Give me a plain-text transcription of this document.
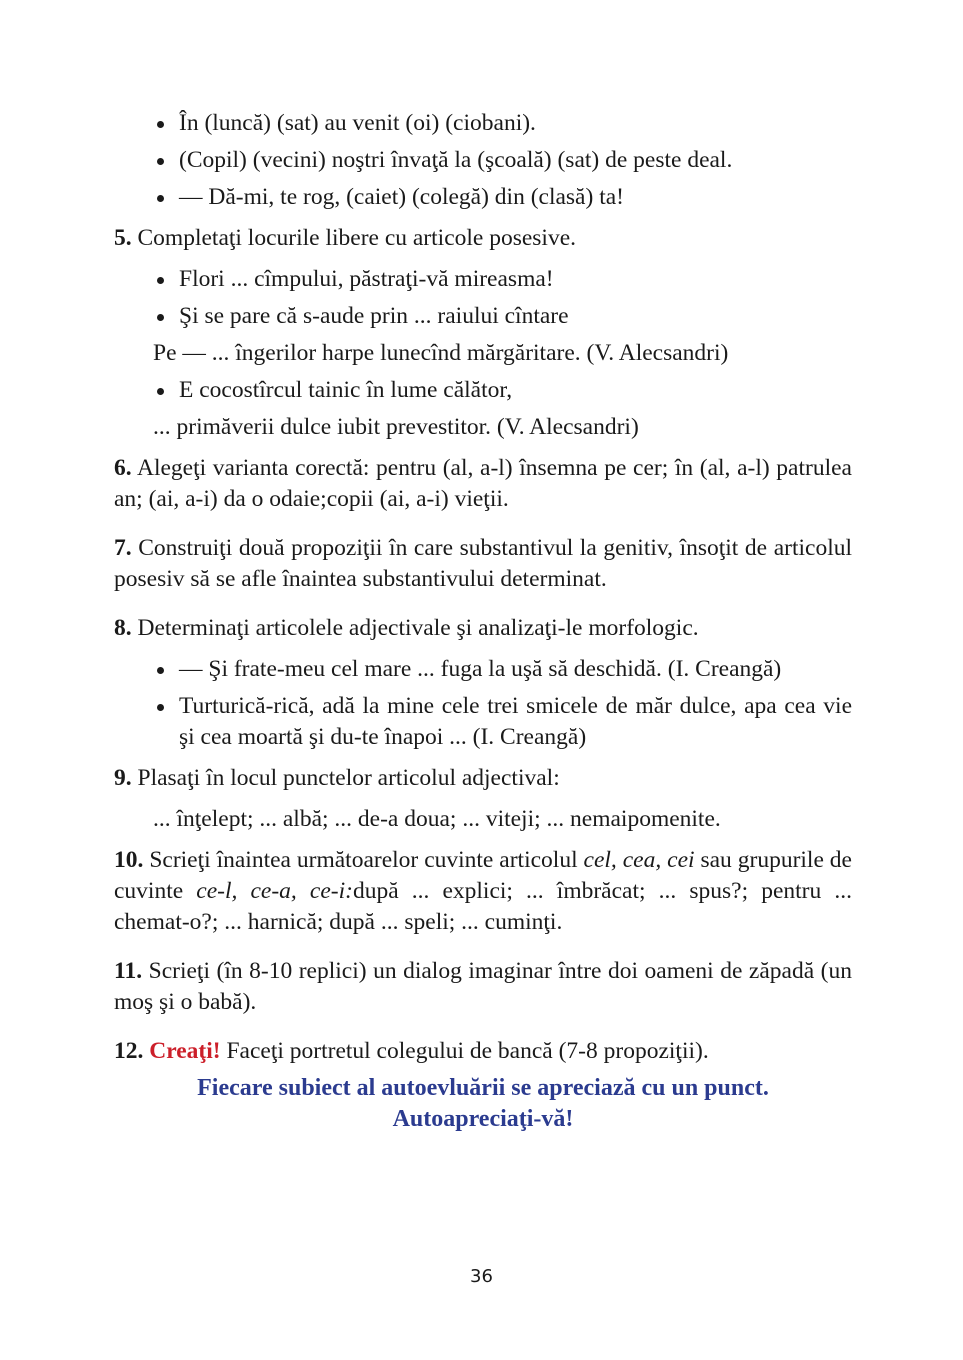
În (luncă) (sat) au venit (oi) (ciobani).
(Copil) (vecini) noştri învaţă la (şcoală) (sat) de peste deal.
— Dă-mi, te rog, (caiet) (colegă) din (clasă) ta!
5. Completaţi locurile libere cu articole posesive.
Flori ... cîmpului, păstraţi-vă mireasma!
Şi se pare că s-aude prin ... raiului cîntare
Pe — ... îngerilor harpe lunecînd mărgăritare. (V. Alecsandri)
E cocostîrcul tainic în lume călător,
... primăverii dulce iubit prevestitor. (V. Alecsandri)
6. Alegeţi varianta corectă: pentru (al, a-l) însemna pe cer; în (al, a-l) patrulea an; (ai, a-i) da o odaie;copii (ai, a-i) vieţii.
7. Construiţi două propoziţii în care substantivul la genitiv, însoţit de articolul posesiv să se afle înaintea substantivului determinat.
8. Determinaţi articolele adjectivale şi analizaţi-le morfologic.
— Şi frate-meu cel mare ... fuga la uşă să deschidă. (I. Creangă)
Turturică-rică, adă la mine cele trei smicele de măr dulce, apa cea vie şi cea moartă şi du-te înapoi ... (I. Creangă)
9. Plasaţi în locul punctelor articolul adjectival:
... înţelept; ... albă; ... de-a doua; ... viteji; ... nemaipomenite.
10. Scrieţi înaintea următoarelor cuvinte articolul cel, cea, cei sau grupurile de cuvinte ce-l, ce-a, ce-i:după ... explici; ... îmbrăcat; ... spus?; pentru ... chemat-o?; ... harnică; după ... speli; ... cuminţi.
11. Scrieţi (în 8-10 replici) un dialog imaginar între doi oameni de zăpadă (un moş şi o babă).
12. Creaţi! Faceţi portretul colegului de bancă (7-8 propoziţii).
Fiecare subiect al autoevluării se apreciază cu un punct.
Autoapreciaţi-vă!
36
